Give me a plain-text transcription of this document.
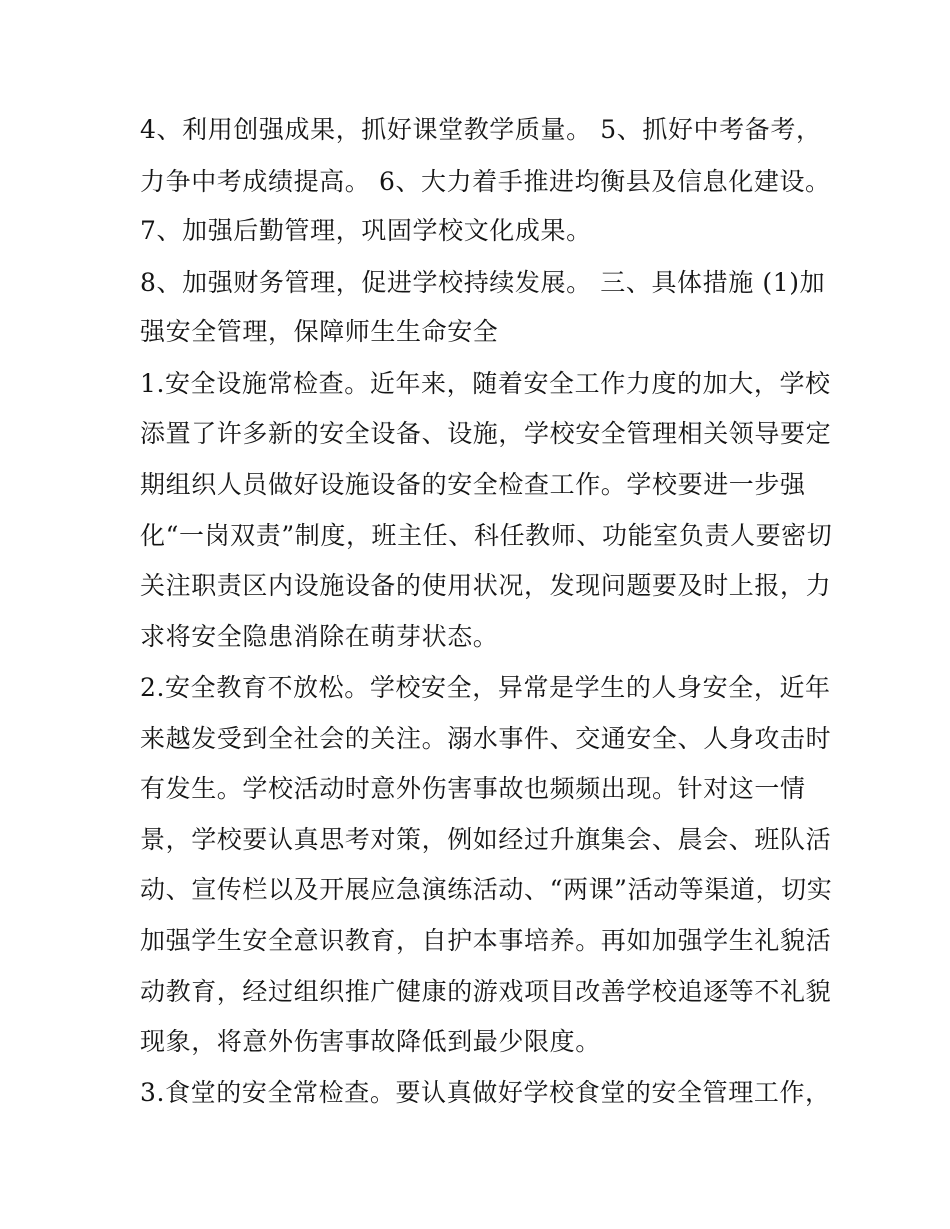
4、利用创强成果，抓好课堂教学质量。 5、抓好中考备考，
力争中考成绩提高。 6、大力着手推进均衡县及信息化建设。
7、加强后勤管理，巩固学校文化成果。
8、加强财务管理，促进学校持续发展。 三、具体措施 (1)加
强安全管理，保障师生生命安全
1.安全设施常检查。近年来，随着安全工作力度的加大，学校
添置了许多新的安全设备、设施，学校安全管理相关领导要定
期组织人员做好设施设备的安全检查工作。学校要进一步强
化“一岗双责”制度，班主任、科任教师、功能室负责人要密切
关注职责区内设施设备的使用状况，发现问题要及时上报，力
求将安全隐患消除在萌芽状态。
2.安全教育不放松。学校安全，异常是学生的人身安全，近年
来越发受到全社会的关注。溺水事件、交通安全、人身攻击时
有发生。学校活动时意外伤害事故也频频出现。针对这一情
景，学校要认真思考对策，例如经过升旗集会、晨会、班队活
动、宣传栏以及开展应急演练活动、“两课”活动等渠道，切实
加强学生安全意识教育，自护本事培养。再如加强学生礼貌活
动教育，经过组织推广健康的游戏项目改善学校追逐等不礼貌
现象，将意外伤害事故降低到最少限度。
3.食堂的安全常检查。要认真做好学校食堂的安全管理工作，
